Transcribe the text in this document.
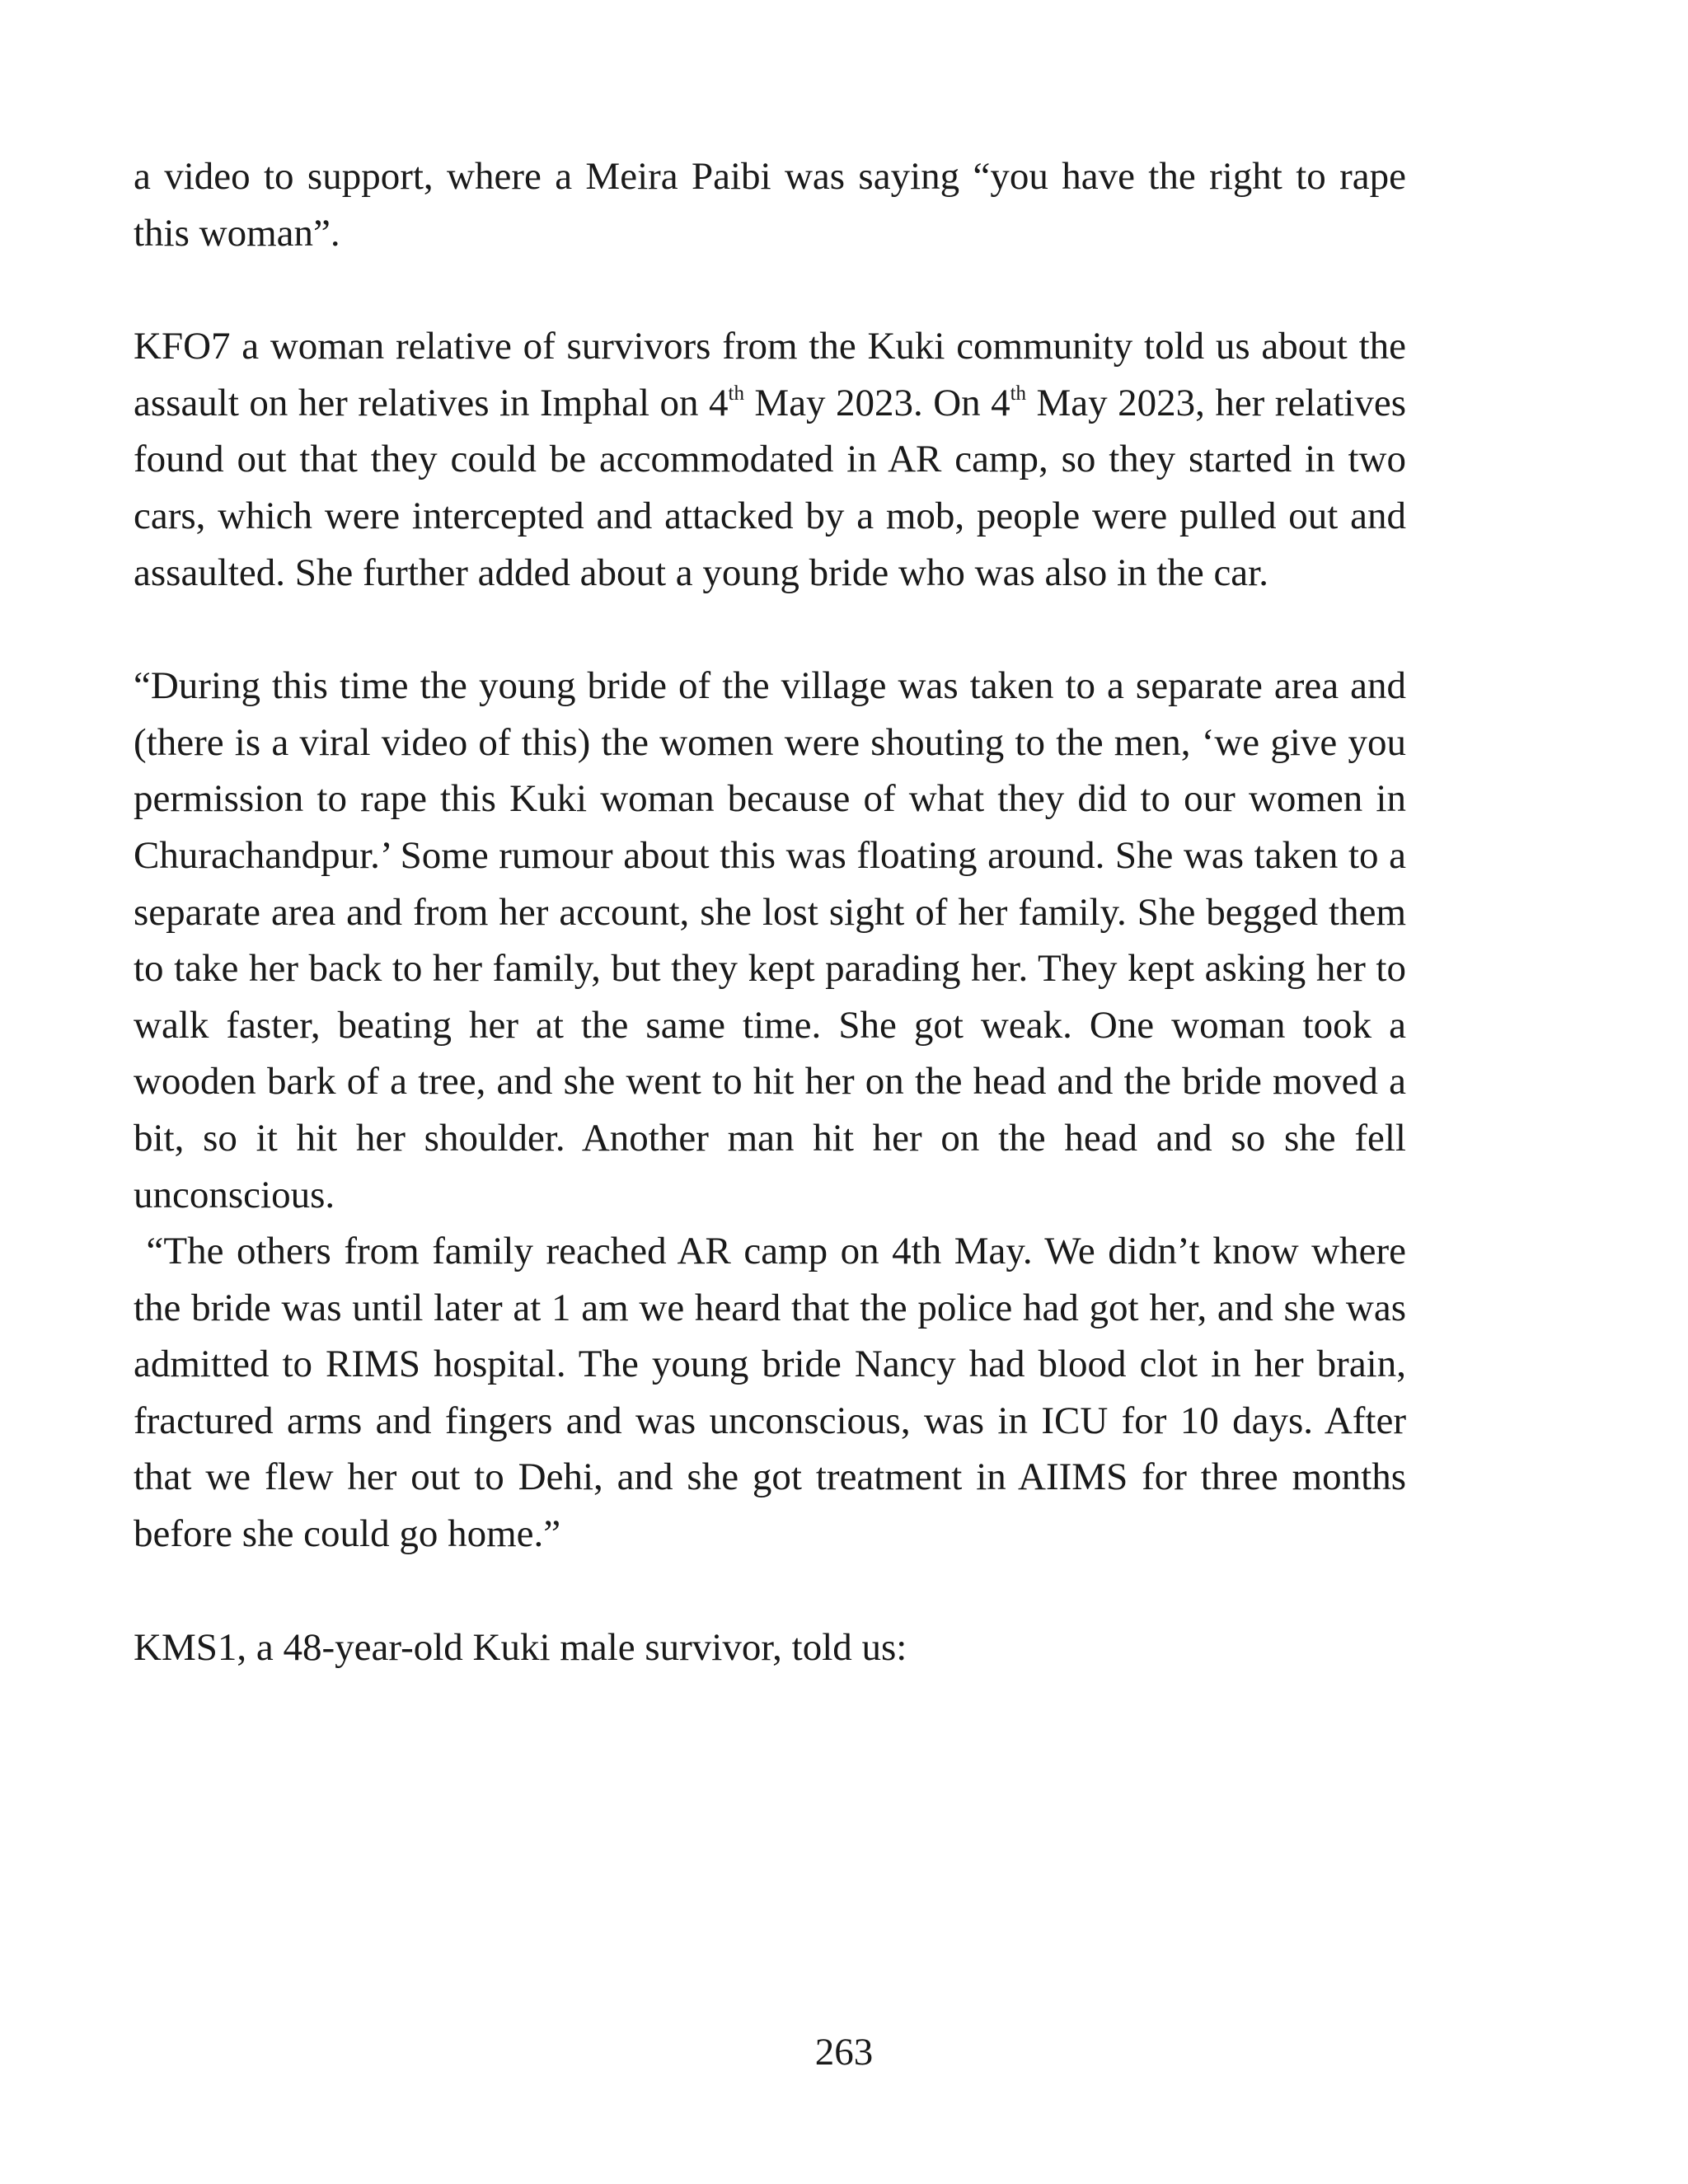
a video to support, where a Meira Paibi was saying “you have the right to rape this woman”.

KFO7 a woman relative of survivors from the Kuki community told us about the assault on her relatives in Imphal on 4th May 2023. On 4th May 2023, her relatives found out that they could be accommodated in AR camp, so they started in two cars, which were intercepted and attacked by a mob, people were pulled out and assaulted. She further added about a young bride who was also in the car.

“During this time the young bride of the village was taken to a separate area and (there is a viral video of this) the women were shouting to the men, ‘we give you permission to rape this Kuki woman because of what they did to our women in Churachandpur.’ Some rumour about this was floating around. She was taken to a separate area and from her account, she lost sight of her family. She begged them to take her back to her family, but they kept parading her. They kept asking her to walk faster, beating her at the same time. She got weak. One woman took a wooden bark of a tree, and she went to hit her on the head and the bride moved a bit, so it hit her shoulder. Another man hit her on the head and so she fell unconscious.

“The others from family reached AR camp on 4th May. We didn’t know where the bride was until later at 1 am we heard that the police had got her, and she was admitted to RIMS hospital. The young bride Nancy had blood clot in her brain, fractured arms and fingers and was unconscious, was in ICU for 10 days. After that we flew her out to Dehi, and she got treatment in AIIMS for three months before she could go home.”

KMS1, a 48-year-old Kuki male survivor, told us:

263
